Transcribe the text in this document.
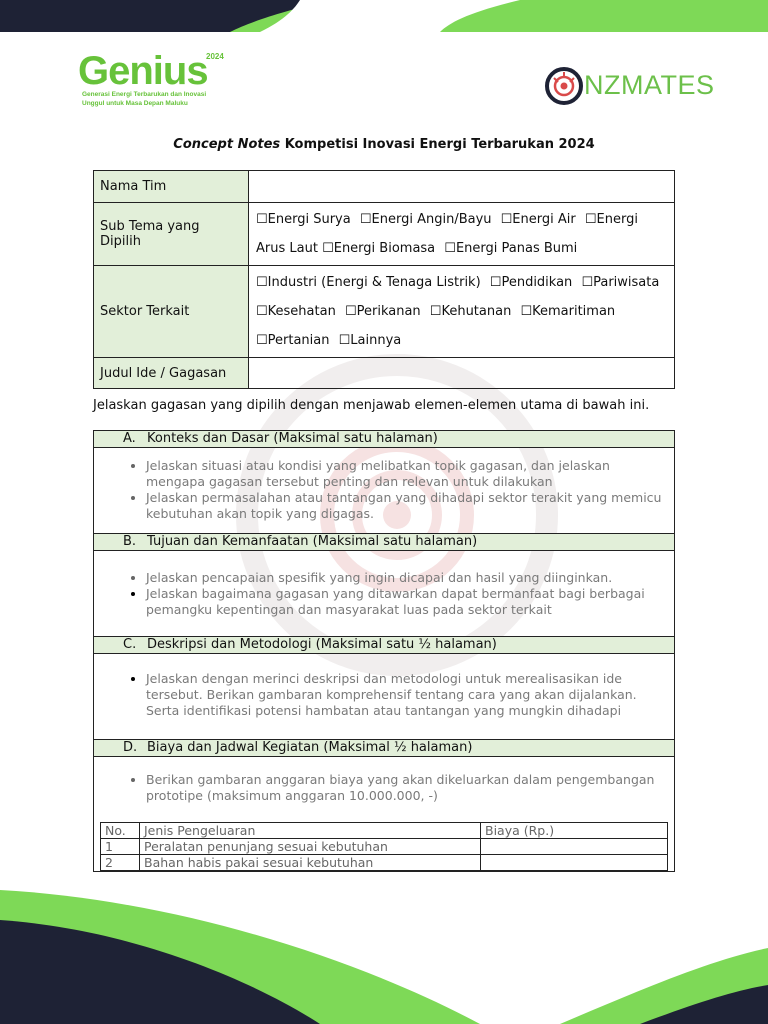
Genius
2024
Generasi Energi Terbarukan dan Inovasi
Unggul untuk Masa Depan Maluku
NZMATES
Concept Notes Kompetisi Inovasi Energi Terbarukan 2024
Nama Tim	
Sub Tema yang Dipilih	☐Energi Surya ☐Energi Angin/Bayu ☐Energi Air ☐Energi Arus Laut ☐Energi Biomasa ☐Energi Panas Bumi
Sektor Terkait	☐Industri (Energi & Tenaga Listrik) ☐Pendidikan ☐Pariwisata
☐Kesehatan ☐Perikanan ☐Kehutanan ☐Kemaritiman
☐Pertanian ☐Lainnya
Judul Ide / Gagasan	
Jelaskan gagasan yang dipilih dengan menjawab elemen-elemen utama di bawah ini.
A. Konteks dan Dasar (Maksimal satu halaman)

• Jelaskan situasi atau kondisi yang melibatkan topik gagasan, dan jelaskan mengapa gagasan tersebut penting dan relevan untuk dilakukan
• Jelaskan permasalahan atau tantangan yang dihadapi sektor terakit yang memicu kebutuhan akan topik yang digagas.

B. Tujuan dan Kemanfaatan (Maksimal satu halaman)

• Jelaskan pencapaian spesifik yang ingin dicapai dan hasil yang diinginkan.
• Jelaskan bagaimana gagasan yang ditawarkan dapat bermanfaat bagi berbagai pemangku kepentingan dan masyarakat luas pada sektor terkait

C. Deskripsi dan Metodologi (Maksimal satu ½ halaman)

• Jelaskan dengan merinci deskripsi dan metodologi untuk merealisasikan ide tersebut. Berikan gambaran komprehensif tentang cara yang akan dijalankan. Serta identifikasi potensi hambatan atau tantangan yang mungkin dihadapi

D. Biaya dan Jadwal Kegiatan (Maksimal ½ halaman)

• Berikan gambaran anggaran biaya yang akan dikeluarkan dalam pengembangan prototipe (maksimum anggaran 10.000.000, -)
No.	Jenis Pengeluaran	Biaya (Rp.)
1	Peralatan penunjang sesuai kebutuhan	
2	Bahan habis pakai sesuai kebutuhan	
